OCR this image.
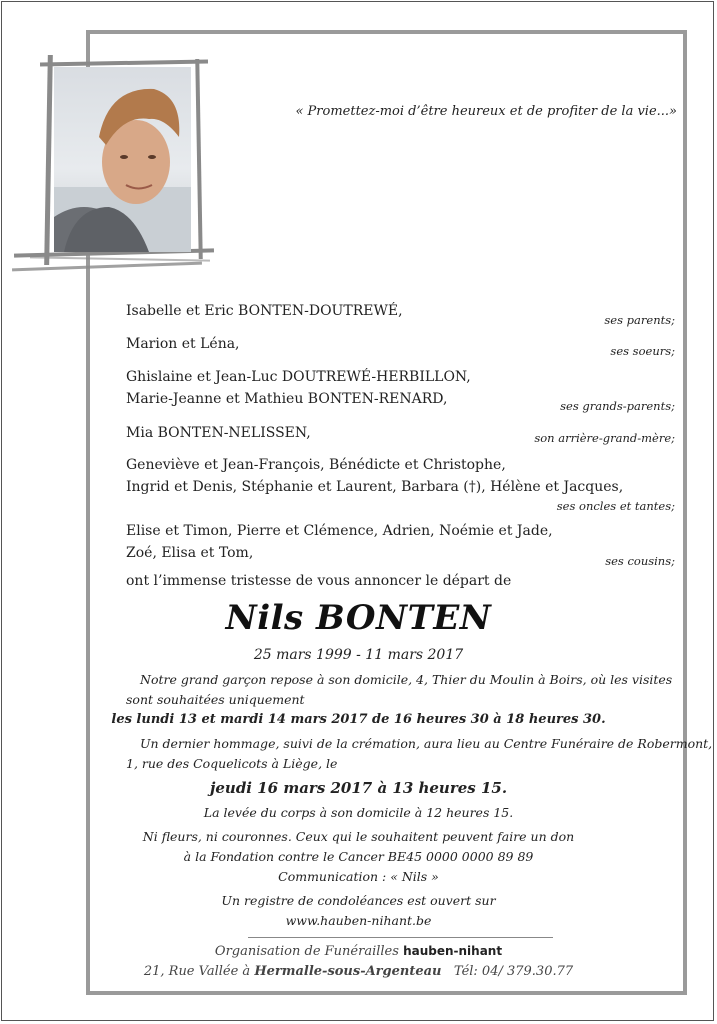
« Promettez-moi d’être heureux et de profiter de la vie...»
Isabelle et Eric BONTEN-DOUTREWÉ,
ses parents;
Marion et Léna,	ses soeurs;
Ghislaine et Jean-Luc DOUTREWÉ-HERBILLON,
Marie-Jeanne et Mathieu BONTEN-RENARD,	ses grands-parents;
Mia BONTEN-NELISSEN,	son arrière-grand-mère;
Geneviève et Jean-François, Bénédicte et Christophe,
Ingrid et Denis, Stéphanie et Laurent, Barbara (†), Hélène et Jacques,
ses oncles et tantes;
Elise et Timon, Pierre et Clémence, Adrien, Noémie et Jade,
Zoé, Elisa et Tom,	ses cousins;
ont l’immense tristesse de vous annoncer le départ de
Nils BONTEN
25 mars 1999 - 11 mars 2017
Notre grand garçon repose à son domicile, 4, Thier du Moulin à Boirs, où les visites
sont souhaitées uniquement
les lundi 13 et mardi 14 mars 2017 de 16 heures 30 à 18 heures 30.
Un dernier hommage, suivi de la crémation, aura lieu au Centre Funéraire de Robermont,
1, rue des Coquelicots à Liège, le
jeudi 16 mars 2017 à 13 heures 15.
La levée du corps à son domicile à 12 heures 15.
Ni fleurs, ni couronnes. Ceux qui le souhaitent peuvent faire un don
à la Fondation contre le Cancer BE45 0000 0000 89 89
Communication : « Nils »
Un registre de condoléances est ouvert sur
www.hauben-nihant.be
Organisation de Funérailles hauben-nihant
21, Rue Vallée à Hermalle-sous-Argenteau Tél: 04/ 379.30.77
